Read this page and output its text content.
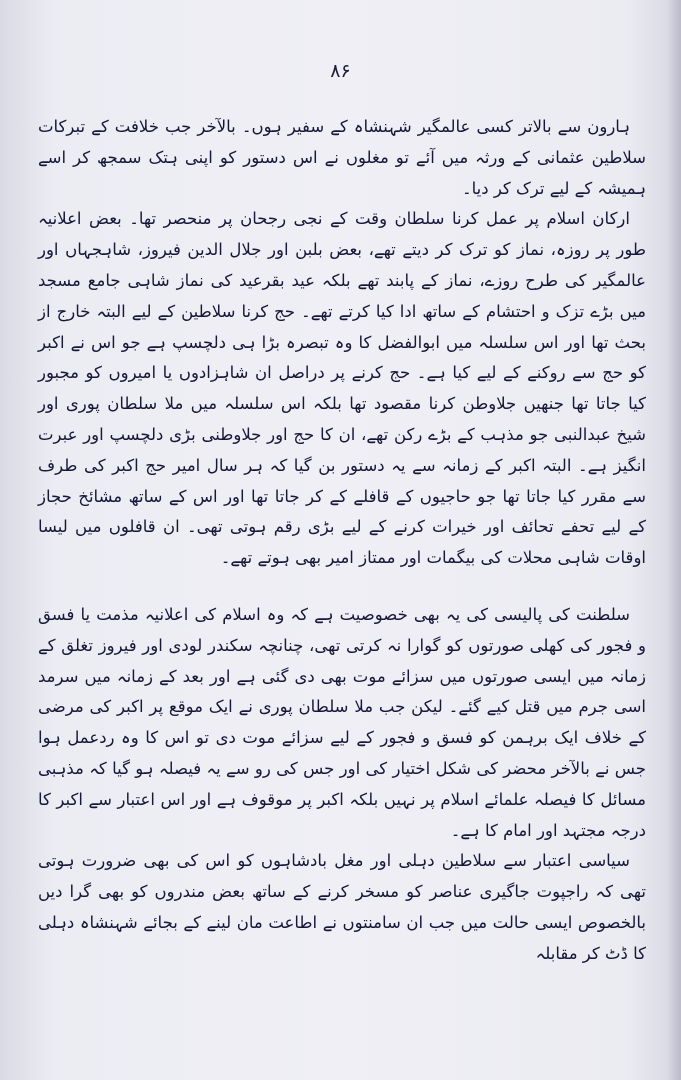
۸۶

ہارون سے بالاتر کسی عالمگیر شہنشاہ کے سفیر ہوں۔ بالآخر جب خلافت کے تبرکات سلاطین عثمانی کے ورثہ میں آئے تو مغلوں نے اس دستور کو اپنی ہتک سمجھ کر اسے ہمیشہ کے لیے ترک کر دیا۔

ارکان اسلام پر عمل کرنا سلطان وقت کے نجی رجحان پر منحصر تھا۔ بعض اعلانیہ طور پر روزہ، نماز کو ترک کر دیتے تھے، بعض بلبن اور جلال الدین فیروز، شاہجہاں اور عالمگیر کی طرح روزے، نماز کے پابند تھے بلکہ عید بقرعید کی نماز شاہی جامع مسجد میں بڑے تزک و احتشام کے ساتھ ادا کیا کرتے تھے۔ حج کرنا سلاطین کے لیے البتہ خارج از بحث تھا اور اس سلسلہ میں ابوالفضل کا وہ تبصرہ بڑا ہی دلچسپ ہے جو اس نے اکبر کو حج سے روکنے کے لیے کیا ہے۔ حج کرنے پر دراصل ان شاہزادوں یا امیروں کو مجبور کیا جاتا تھا جنھیں جلاوطن کرنا مقصود تھا بلکہ اس سلسلہ میں ملا سلطان پوری اور شیخ عبدالنبی جو مذہب کے بڑے رکن تھے، ان کا حج اور جلاوطنی بڑی دلچسپ اور عبرت انگیز ہے۔ البتہ اکبر کے زمانہ سے یہ دستور بن گیا کہ ہر سال امیر حج اکبر کی طرف سے مقرر کیا جاتا تھا جو حاجیوں کے قافلے کے کر جاتا تھا اور اس کے ساتھ مشائخ حجاز کے لیے تحفے تحائف اور خیرات کرنے کے لیے بڑی رقم ہوتی تھی۔ ان قافلوں میں لیسا اوقات شاہی محلات کی بیگمات اور ممتاز امیر بھی ہوتے تھے۔

سلطنت کی پالیسی کی یہ بھی خصوصیت ہے کہ وہ اسلام کی اعلانیہ مذمت یا فسق و فجور کی کھلی صورتوں کو گوارا نہ کرتی تھی، چنانچہ سکندر لودی اور فیروز تغلق کے زمانہ میں ایسی صورتوں میں سزائے موت بھی دی گئی ہے اور بعد کے زمانہ میں سرمد اسی جرم میں قتل کیے گئے۔ لیکن جب ملا سلطان پوری نے ایک موقع پر اکبر کی مرضی کے خلاف ایک برہمن کو فسق و فجور کے لیے سزائے موت دی تو اس کا وہ ردعمل ہوا جس نے بالآخر محضر کی شکل اختیار کی اور جس کی رو سے یہ فیصلہ ہو گیا کہ مذہبی مسائل کا فیصلہ علمائے اسلام پر نہیں بلکہ اکبر پر موقوف ہے اور اس اعتبار سے اکبر کا درجہ مجتہد اور امام کا ہے۔

سیاسی اعتبار سے سلاطین دہلی اور مغل بادشاہوں کو اس کی بھی ضرورت ہوتی تھی کہ راجپوت جاگیری عناصر کو مسخر کرنے کے ساتھ بعض مندروں کو بھی گرا دیں بالخصوص ایسی حالت میں جب ان سامنتوں نے اطاعت مان لینے کے بجائے شہنشاہ دہلی کا ڈٹ کر مقابلہ
